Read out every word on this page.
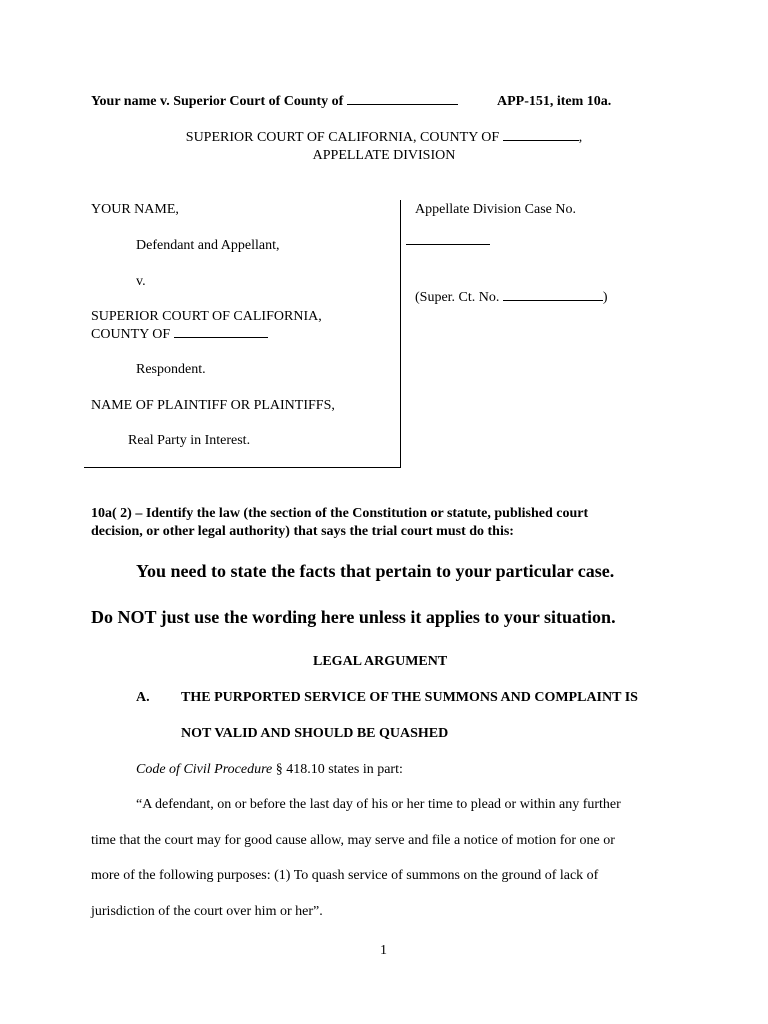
Your name v. Superior Court of County of	APP-151, item 10a.
SUPERIOR COURT OF CALIFORNIA, COUNTY OF	,
APPELLATE DIVISION
YOUR NAME,
Defendant and Appellant,
v.
SUPERIOR COURT OF CALIFORNIA,
COUNTY OF
Respondent.
NAME OF PLAINTIFF OR PLAINTIFFS,
Real Party in Interest.
Appellate Division Case No.
(Super. Ct. No.	)
10a( 2) – Identify the law (the section of the Constitution or statute, published court
decision, or other legal authority) that says the trial court must do this:
You need to state the facts that pertain to your particular case.
Do NOT just use the wording here unless it applies to your situation.
LEGAL ARGUMENT
A. THE PURPORTED SERVICE OF THE SUMMONS AND COMPLAINT IS
NOT VALID AND SHOULD BE QUASHED
Code of Civil Procedure § 418.10 states in part:
“A defendant, on or before the last day of his or her time to plead or within any further
time that the court may for good cause allow, may serve and file a notice of motion for one or
more of the following purposes: (1) To quash service of summons on the ground of lack of
jurisdiction of the court over him or her”.
1
